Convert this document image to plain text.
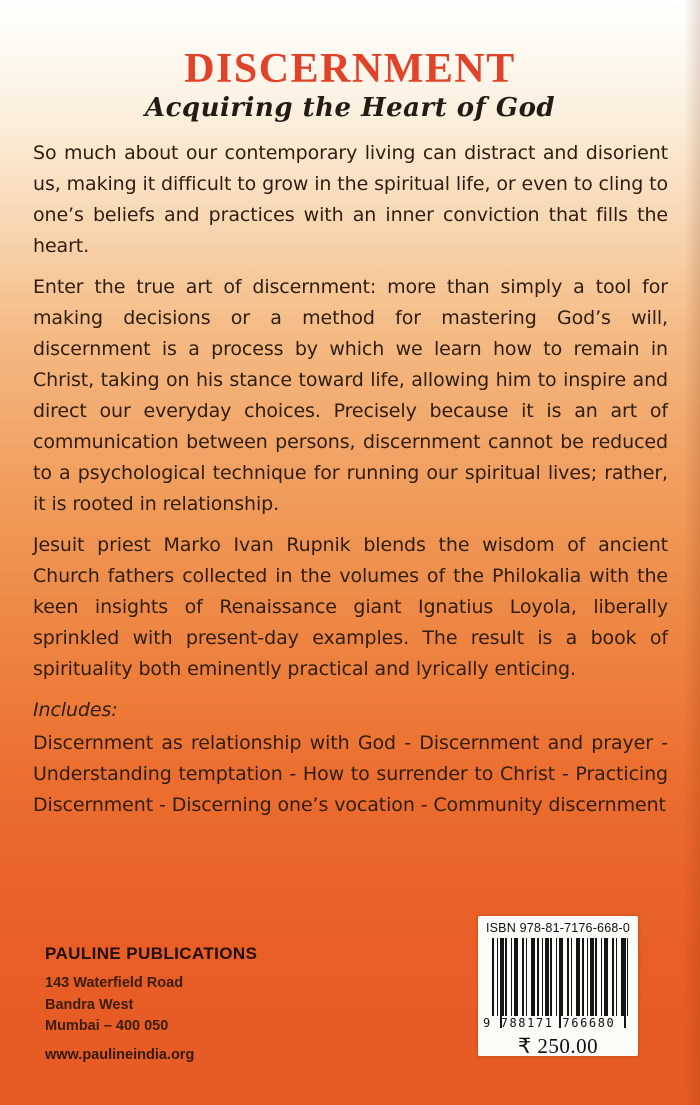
DISCERNMENT
Acquiring the Heart of God

So much about our contemporary living can distract and disorient us, making it difficult to grow in the spiritual life, or even to cling to one’s beliefs and practices with an inner conviction that fills the heart.

Enter the true art of discernment: more than simply a tool for making decisions or a method for mastering God’s will, discernment is a process by which we learn how to remain in Christ, taking on his stance toward life, allowing him to inspire and direct our everyday choices. Precisely because it is an art of communication between persons, discernment cannot be reduced to a psychological technique for running our spiritual lives; rather, it is rooted in relationship.

Jesuit priest Marko Ivan Rupnik blends the wisdom of ancient Church fathers collected in the volumes of the Philokalia with the keen insights of Renaissance giant Ignatius Loyola, liberally sprinkled with present-day examples. The result is a book of spirituality both eminently practical and lyrically enticing.

Includes:

Discernment as relationship with God - Discernment and prayer - Understanding temptation - How to surrender to Christ - Practicing Discernment - Discerning one’s vocation - Community discernment

PAULINE PUBLICATIONS
143 Waterfield Road
Bandra West
Mumbai – 400 050
www.paulineindia.org
ISBN 978-81-7176-668-0
9 788171 766680
₹ 250.00
